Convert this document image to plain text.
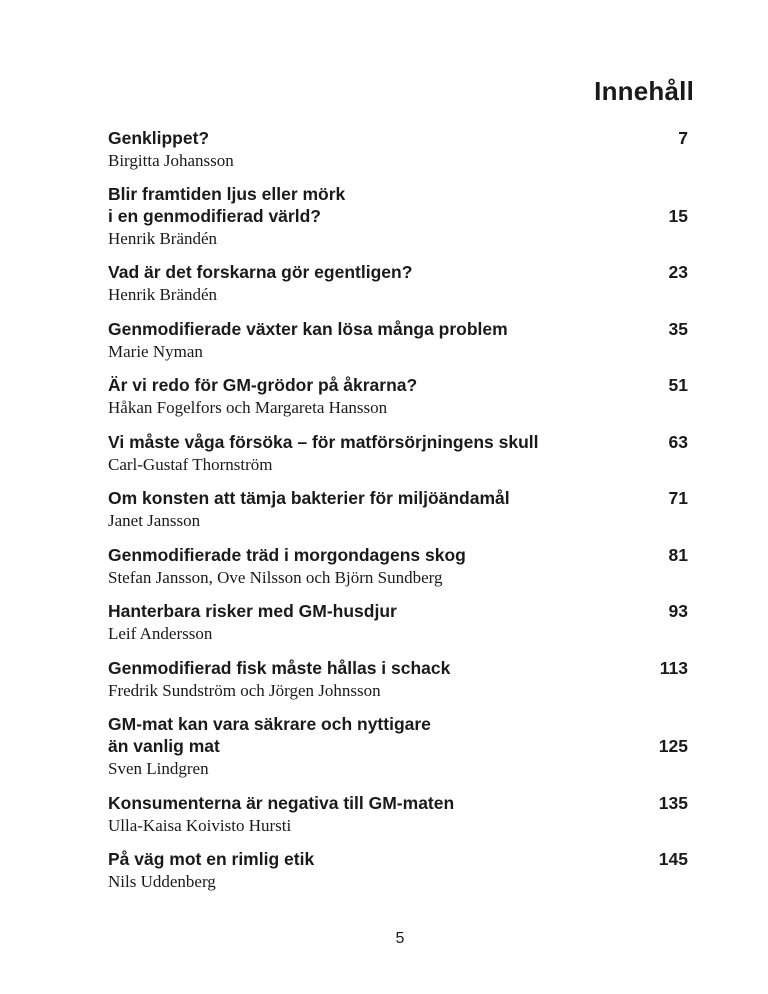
Innehåll
Genklippet?
Birgitta Johansson
7
Blir framtiden ljus eller mörk
i en genmodifierad värld?
Henrik Brändén
15
Vad är det forskarna gör egentligen?
Henrik Brändén
23
Genmodifierade växter kan lösa många problem
Marie Nyman
35
Är vi redo för GM-grödor på åkrarna?
Håkan Fogelfors och Margareta Hansson
51
Vi måste våga försöka – för matförsörjningens skull
Carl-Gustaf Thornström
63
Om konsten att tämja bakterier för miljöändamål
Janet Jansson
71
Genmodifierade träd i morgondagens skog
Stefan Jansson, Ove Nilsson och Björn Sundberg
81
Hanterbara risker med GM-husdjur
Leif Andersson
93
Genmodifierad fisk måste hållas i schack
Fredrik Sundström och Jörgen Johnsson
113
GM-mat kan vara säkrare och nyttigare
än vanlig mat
Sven Lindgren
125
Konsumenterna är negativa till GM-maten
Ulla-Kaisa Koivisto Hursti
135
På väg mot en rimlig etik
Nils Uddenberg
145
5
